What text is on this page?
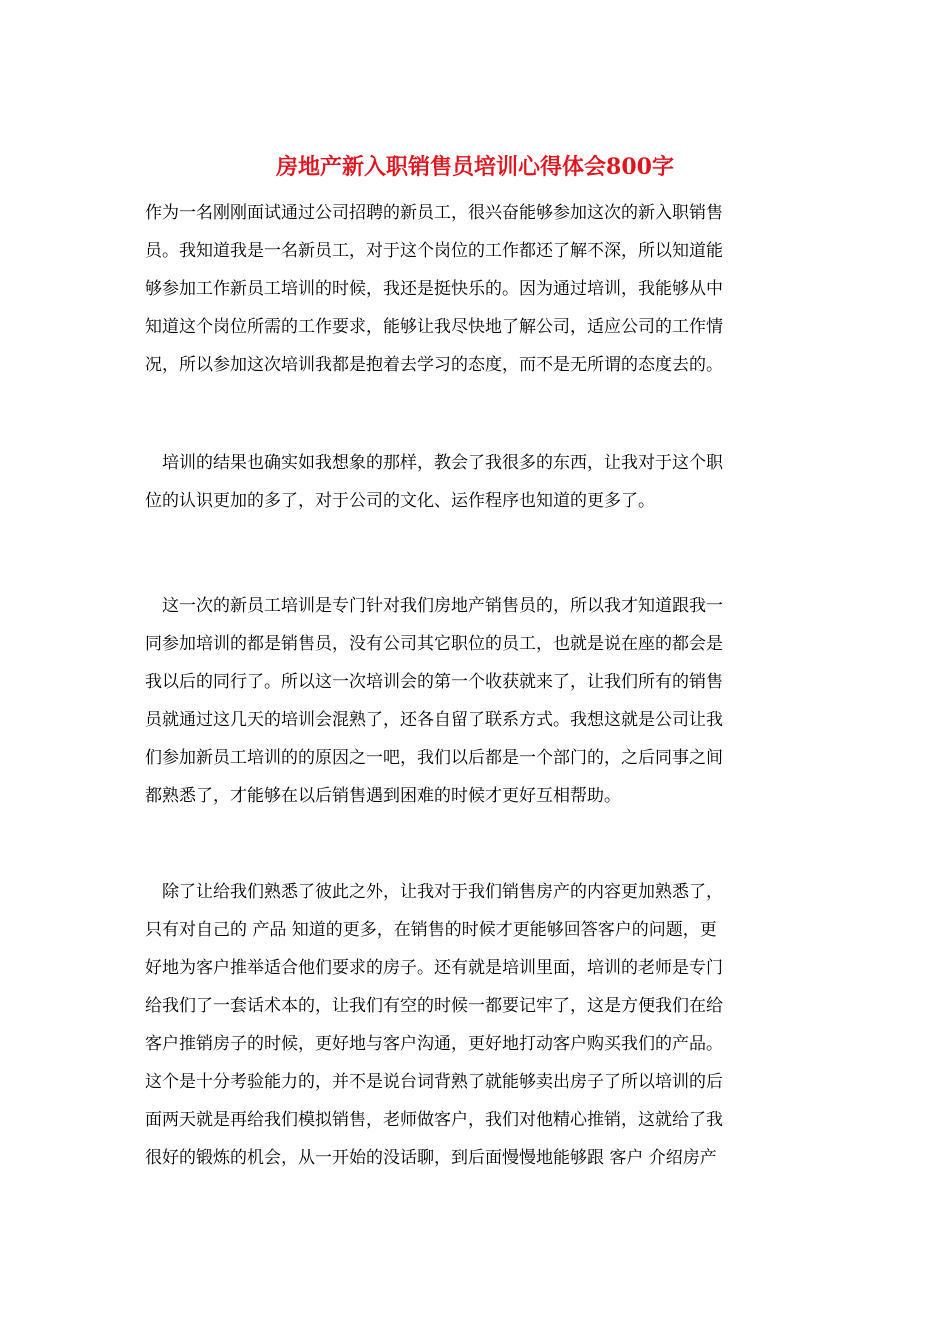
房地产新入职销售员培训心得体会800字
作为一名刚刚面试通过公司招聘的新员工，很兴奋能够参加这次的新入职销售
员。我知道我是一名新员工，对于这个岗位的工作都还了解不深，所以知道能
够参加工作新员工培训的时候，我还是挺快乐的。因为通过培训，我能够从中
知道这个岗位所需的工作要求，能够让我尽快地了解公司，适应公司的工作情
况，所以参加这次培训我都是抱着去学习的态度，而不是无所谓的态度去的。
　培训的结果也确实如我想象的那样，教会了我很多的东西，让我对于这个职
位的认识更加的多了，对于公司的文化、运作程序也知道的更多了。
　这一次的新员工培训是专门针对我们房地产销售员的，所以我才知道跟我一
同参加培训的都是销售员，没有公司其它职位的员工，也就是说在座的都会是
我以后的同行了。所以这一次培训会的第一个收获就来了，让我们所有的销售
员就通过这几天的培训会混熟了，还各自留了联系方式。我想这就是公司让我
们参加新员工培训的的原因之一吧，我们以后都是一个部门的，之后同事之间
都熟悉了，才能够在以后销售遇到困难的时候才更好互相帮助。
　除了让给我们熟悉了彼此之外，让我对于我们销售房产的内容更加熟悉了，
只有对自己的 产品 知道的更多，在销售的时候才更能够回答客户的问题，更
好地为客户推举适合他们要求的房子。还有就是培训里面，培训的老师是专门
给我们了一套话术本的，让我们有空的时候一都要记牢了，这是方便我们在给
客户推销房子的时候，更好地与客户沟通，更好地打动客户购买我们的产品。
这个是十分考验能力的，并不是说台词背熟了就能够卖出房子了所以培训的后
面两天就是再给我们模拟销售，老师做客户，我们对他精心推销，这就给了我
很好的锻炼的机会，从一开始的没话聊，到后面慢慢地能够跟 客户 介绍房产
